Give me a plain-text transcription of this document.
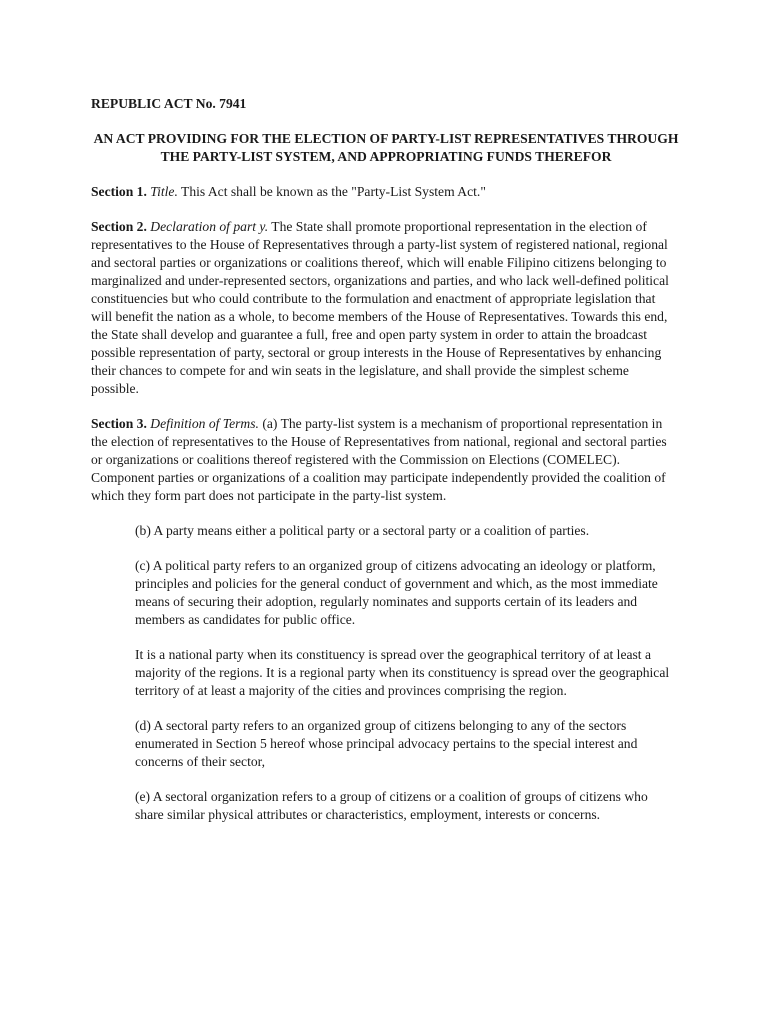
REPUBLIC ACT No. 7941

AN ACT PROVIDING FOR THE ELECTION OF PARTY-LIST REPRESENTATIVES THROUGH THE PARTY-LIST SYSTEM, AND APPROPRIATING FUNDS THEREFOR

Section 1. Title. This Act shall be known as the "Party-List System Act."

Section 2. Declaration of part y. The State shall promote proportional representation in the election of representatives to the House of Representatives through a party-list system of registered national, regional and sectoral parties or organizations or coalitions thereof, which will enable Filipino citizens belonging to marginalized and under-represented sectors, organizations and parties, and who lack well-defined political constituencies but who could contribute to the formulation and enactment of appropriate legislation that will benefit the nation as a whole, to become members of the House of Representatives. Towards this end, the State shall develop and guarantee a full, free and open party system in order to attain the broadcast possible representation of party, sectoral or group interests in the House of Representatives by enhancing their chances to compete for and win seats in the legislature, and shall provide the simplest scheme possible.

Section 3. Definition of Terms. (a) The party-list system is a mechanism of proportional representation in the election of representatives to the House of Representatives from national, regional and sectoral parties or organizations or coalitions thereof registered with the Commission on Elections (COMELEC). Component parties or organizations of a coalition may participate independently provided the coalition of which they form part does not participate in the party-list system.

(b) A party means either a political party or a sectoral party or a coalition of parties.

(c) A political party refers to an organized group of citizens advocating an ideology or platform, principles and policies for the general conduct of government and which, as the most immediate means of securing their adoption, regularly nominates and supports certain of its leaders and members as candidates for public office.

It is a national party when its constituency is spread over the geographical territory of at least a majority of the regions. It is a regional party when its constituency is spread over the geographical territory of at least a majority of the cities and provinces comprising the region.

(d) A sectoral party refers to an organized group of citizens belonging to any of the sectors enumerated in Section 5 hereof whose principal advocacy pertains to the special interest and concerns of their sector,

(e) A sectoral organization refers to a group of citizens or a coalition of groups of citizens who share similar physical attributes or characteristics, employment, interests or concerns.
